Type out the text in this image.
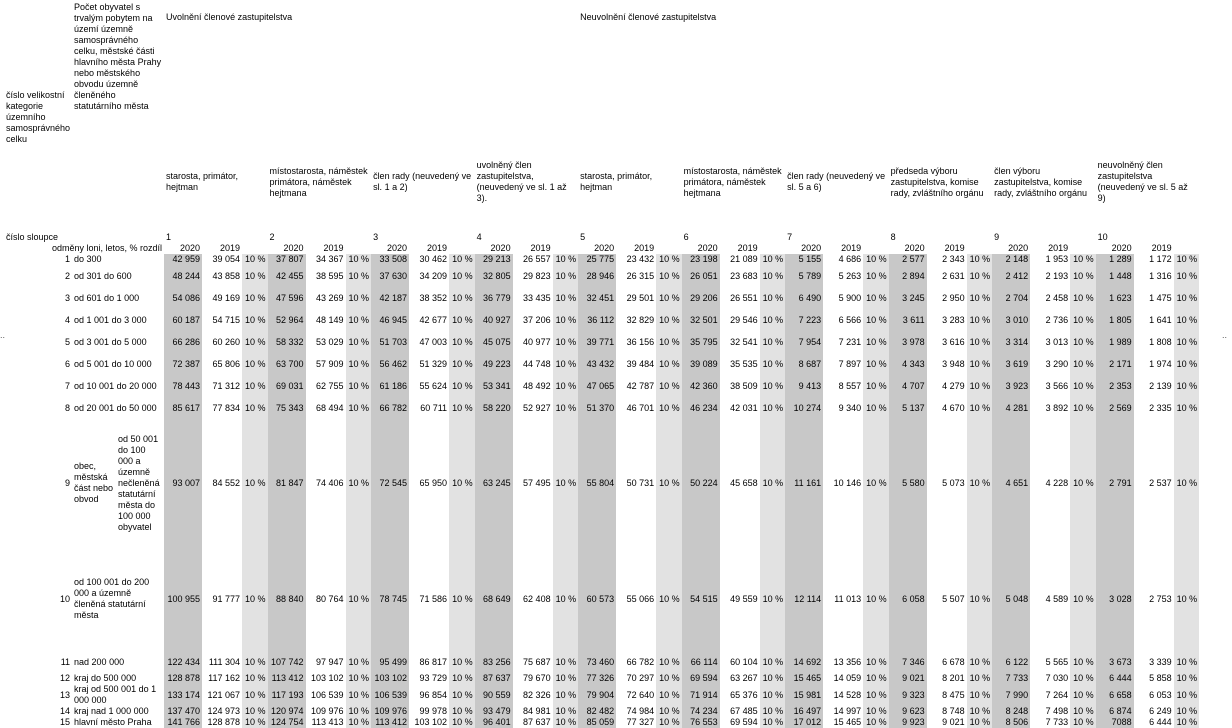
..	..
číslo velikostní kategorie územního samosprávného celku	Počet obyvatel s trvalým pobytem na území územně samosprávného celku, městské části hlavního města Prahy nebo městského obvodu územně členěného statutárního města		Uvolnění členové zastupitelstva												Neuvolnění členové zastupitelstva																	
			starosta, primátor, hejtman			místostarosta, náměstek primátora, náměstek hejtmana			člen rady (neuvedený ve sl. 1 a 2)			uvolněný člen zastupitelstva, (neuvedený ve sl. 1 až 3).			starosta, primátor, hejtman			místostarosta, náměstek primátora, náměstek hejtmana			člen rady (neuvedený ve sl. 5 a 6)			předseda výboru zastupitelstva, komise rady, zvláštního orgánu			člen výboru zastupitelstva, komise rady, zvláštního orgánu			neuvolněný člen zastupitelstva (neuvedený ve sl. 5 až 9)		
číslo sloupce			1			2			3			4			5			6			7			8			9			10		
odměny loni, letos, % rozdíl			2020	2019		2020	2019		2020	2019		2020	2019		2020	2019		2020	2019		2020	2019		2020	2019		2020	2019		2020	2019	
1	do 300		42 959	39 054	10 %	37 807	34 367	10 %	33 508	30 462	10 %	29 213	26 557	10 %	25 775	23 432	10 %	23 198	21 089	10 %	5 155	4 686	10 %	2 577	2 343	10 %	2 148	1 953	10 %	1 289	1 172	10 %
2	od 301 do 600		48 244	43 858	10 %	42 455	38 595	10 %	37 630	34 209	10 %	32 805	29 823	10 %	28 946	26 315	10 %	26 051	23 683	10 %	5 789	5 263	10 %	2 894	2 631	10 %	2 412	2 193	10 %	1 448	1 316	10 %
3	od 601 do 1 000		54 086	49 169	10 %	47 596	43 269	10 %	42 187	38 352	10 %	36 779	33 435	10 %	32 451	29 501	10 %	29 206	26 551	10 %	6 490	5 900	10 %	3 245	2 950	10 %	2 704	2 458	10 %	1 623	1 475	10 %
4	od 1 001 do 3 000		60 187	54 715	10 %	52 964	48 149	10 %	46 945	42 677	10 %	40 927	37 206	10 %	36 112	32 829	10 %	32 501	29 546	10 %	7 223	6 566	10 %	3 611	3 283	10 %	3 010	2 736	10 %	1 805	1 641	10 %
5	od 3 001 do 5 000		66 286	60 260	10 %	58 332	53 029	10 %	51 703	47 003	10 %	45 075	40 977	10 %	39 771	36 156	10 %	35 795	32 541	10 %	7 954	7 231	10 %	3 978	3 616	10 %	3 314	3 013	10 %	1 989	1 808	10 %
6	od 5 001 do 10 000		72 387	65 806	10 %	63 700	57 909	10 %	56 462	51 329	10 %	49 223	44 748	10 %	43 432	39 484	10 %	39 089	35 535	10 %	8 687	7 897	10 %	4 343	3 948	10 %	3 619	3 290	10 %	2 171	1 974	10 %
7	od 10 001 do 20 000		78 443	71 312	10 %	69 031	62 755	10 %	61 186	55 624	10 %	53 341	48 492	10 %	47 065	42 787	10 %	42 360	38 509	10 %	9 413	8 557	10 %	4 707	4 279	10 %	3 923	3 566	10 %	2 353	2 139	10 %
8	od 20 001 do 50 000		85 617	77 834	10 %	75 343	68 494	10 %	66 782	60 711	10 %	58 220	52 927	10 %	51 370	46 701	10 %	46 234	42 031	10 %	10 274	9 340	10 %	5 137	4 670	10 %	4 281	3 892	10 %	2 569	2 335	10 %
9	obec, městská část nebo obvod	od 50 001 do 100 000 a územně nečleněná statutární města do 100 000 obyvatel	93 007	84 552	10 %	81 847	74 406	10 %	72 545	65 950	10 %	63 245	57 495	10 %	55 804	50 731	10 %	50 224	45 658	10 %	11 161	10 146	10 %	5 580	5 073	10 %	4 651	4 228	10 %	2 791	2 537	10 %
10	od 100 001 do 200 000 a územně členěná statutární města		100 955	91 777	10 %	88 840	80 764	10 %	78 745	71 586	10 %	68 649	62 408	10 %	60 573	55 066	10 %	54 515	49 559	10 %	12 114	11 013	10 %	6 058	5 507	10 %	5 048	4 589	10 %	3 028	2 753	10 %
11	nad 200 000		122 434	111 304	10 %	107 742	97 947	10 %	95 499	86 817	10 %	83 256	75 687	10 %	73 460	66 782	10 %	66 114	60 104	10 %	14 692	13 356	10 %	7 346	6 678	10 %	6 122	5 565	10 %	3 673	3 339	10 %
12	kraj do 500 000		128 878	117 162	10 %	113 412	103 102	10 %	103 102	93 729	10 %	87 637	79 670	10 %	77 326	70 297	10 %	69 594	63 267	10 %	15 465	14 059	10 %	9 021	8 201	10 %	7 733	7 030	10 %	6 444	5 858	10 %
13	kraj od 500 001 do 1 000 000		133 174	121 067	10 %	117 193	106 539	10 %	106 539	96 854	10 %	90 559	82 326	10 %	79 904	72 640	10 %	71 914	65 376	10 %	15 981	14 528	10 %	9 323	8 475	10 %	7 990	7 264	10 %	6 658	6 053	10 %
14	kraj nad 1 000 000		137 470	124 973	10 %	120 974	109 976	10 %	109 976	99 978	10 %	93 479	84 981	10 %	82 482	74 984	10 %	74 234	67 485	10 %	16 497	14 997	10 %	9 623	8 748	10 %	8 248	7 498	10 %	6 874	6 249	10 %
15	hlavní město Praha		141 766	128 878	10 %	124 754	113 413	10 %	113 412	103 102	10 %	96 401	87 637	10 %	85 059	77 327	10 %	76 553	69 594	10 %	17 012	15 465	10 %	9 923	9 021	10 %	8 506	7 733	10 %	7088	6 444	10 %
